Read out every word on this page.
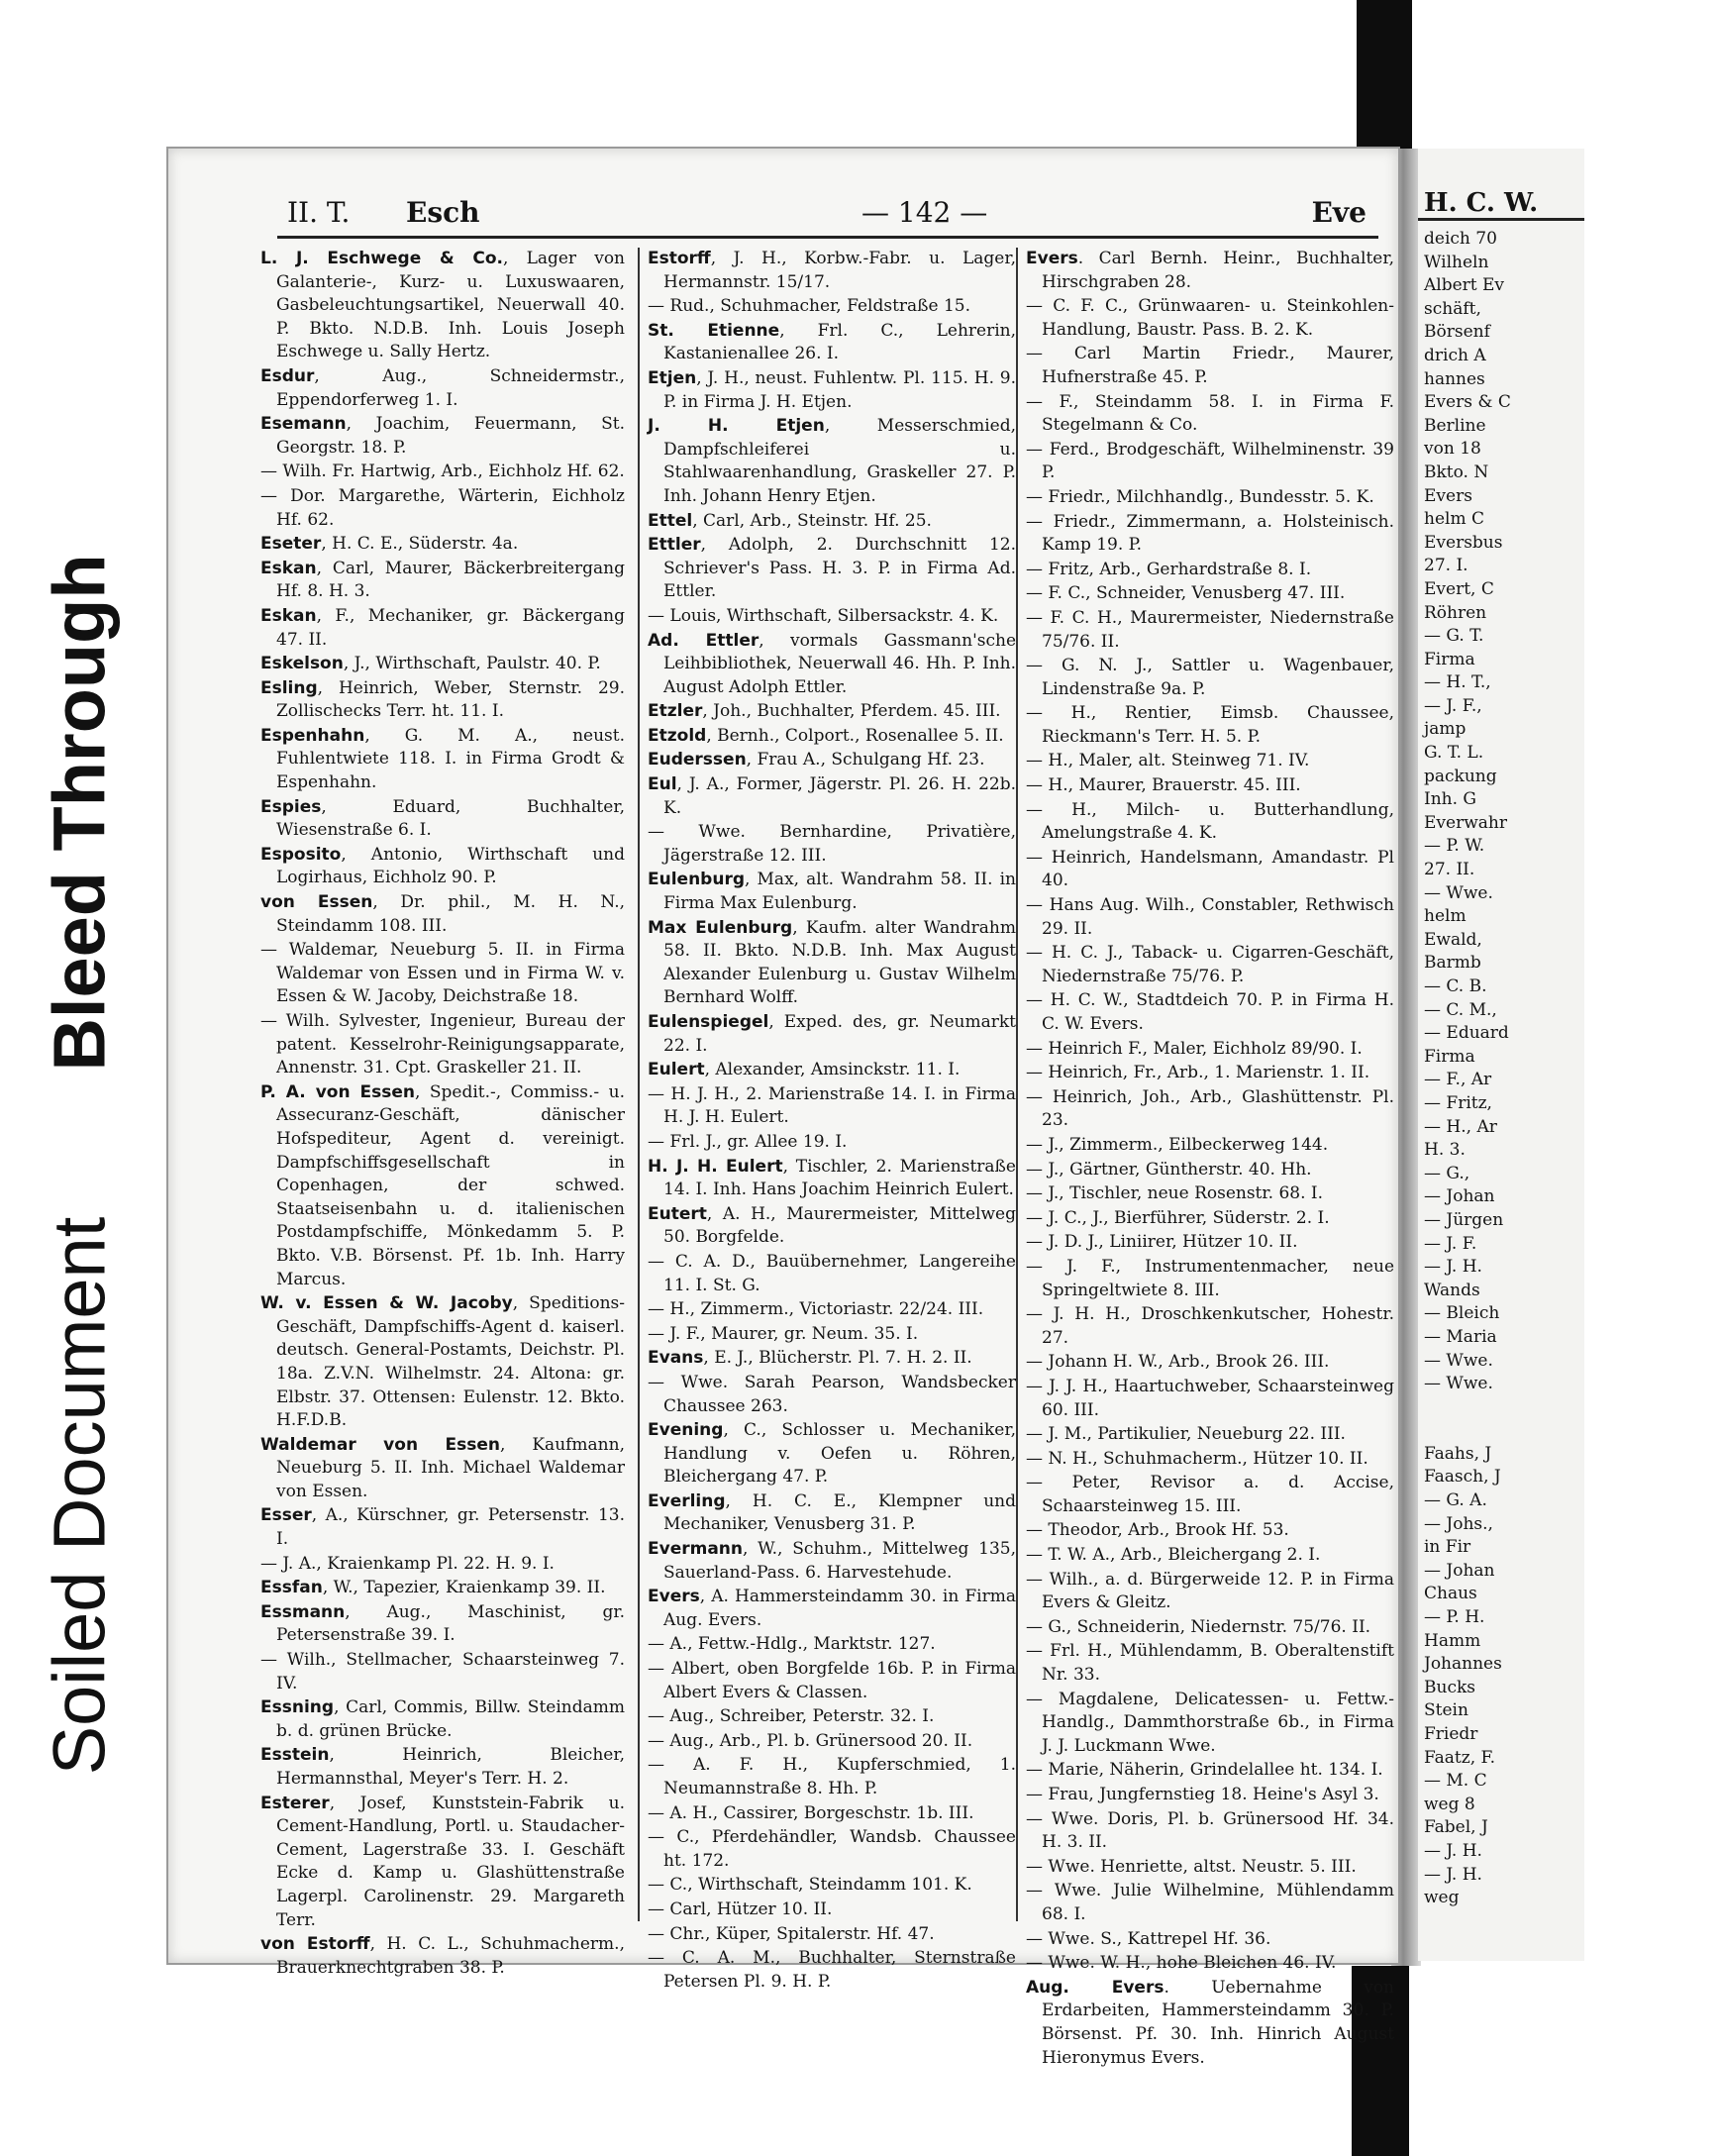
Bleed Through
Soiled Document
II. T. Esch	— 142 —	Eve
L. J. Eschwege & Co., Lager von Galanterie-, Kurz- u. Luxuswaaren, Gasbeleuchtungsartikel, Neuerwall 40. P. Bkto. N.D.B. Inh. Louis Joseph Eschwege u. Sally Hertz.
Esdur, Aug., Schneidermstr., Eppendorferweg 1. I.
Esemann, Joachim, Feuermann, St. Georgstr. 18. P.
— Wilh. Fr. Hartwig, Arb., Eichholz Hf. 62.
— Dor. Margarethe, Wärterin, Eichholz Hf. 62.
Eseter, H. C. E., Süderstr. 4a.
Eskan, Carl, Maurer, Bäckerbreitergang Hf. 8. H. 3.
Eskan, F., Mechaniker, gr. Bäckergang 47. II.
Eskelson, J., Wirthschaft, Paulstr. 40. P.
Esling, Heinrich, Weber, Sternstr. 29. Zollischecks Terr. ht. 11. I.
Espenhahn, G. M. A., neust. Fuhlentwiete 118. I. in Firma Grodt & Espenhahn.
Espies, Eduard, Buchhalter, Wiesenstraße 6. I.
Esposito, Antonio, Wirthschaft und Logirhaus, Eichholz 90. P.
von Essen, Dr. phil., M. H. N., Steindamm 108. III.
— Waldemar, Neueburg 5. II. in Firma Waldemar von Essen und in Firma W. v. Essen & W. Jacoby, Deichstraße 18.
— Wilh. Sylvester, Ingenieur, Bureau der patent. Kesselrohr-Reinigungsapparate, Annenstr. 31. Cpt. Graskeller 21. II.
P. A. von Essen, Spedit.-, Commiss.- u. Assecuranz-Geschäft, dänischer Hofspediteur, Agent d. vereinigt. Dampfschiffsgesellschaft in Copenhagen, der schwed. Staatseisenbahn u. d. italienischen Postdampfschiffe, Mönkedamm 5. P. Bkto. V.B. Börsenst. Pf. 1b. Inh. Harry Marcus.
W. v. Essen & W. Jacoby, Speditions-Geschäft, Dampfschiffs-Agent d. kaiserl. deutsch. General-Postamts, Deichstr. Pl. 18a. Z.V.N. Wilhelmstr. 24. Altona: gr. Elbstr. 37. Ottensen: Eulenstr. 12. Bkto. H.F.D.B.
Waldemar von Essen, Kaufmann, Neueburg 5. II. Inh. Michael Waldemar von Essen.
Esser, A., Kürschner, gr. Petersenstr. 13. I.
— J. A., Kraienkamp Pl. 22. H. 9. I.
Essfan, W., Tapezier, Kraienkamp 39. II.
Essmann, Aug., Maschinist, gr. Petersenstraße 39. I.
— Wilh., Stellmacher, Schaarsteinweg 7. IV.
Essning, Carl, Commis, Billw. Steindamm b. d. grünen Brücke.
Esstein, Heinrich, Bleicher, Hermannsthal, Meyer's Terr. H. 2.
Esterer, Josef, Kunststein-Fabrik u. Cement-Handlung, Portl. u. Staudacher-Cement, Lagerstraße 33. I. Geschäft Ecke d. Kamp u. Glashüttenstraße Lagerpl. Carolinenstr. 29. Margareth Terr.
von Estorff, H. C. L., Schuhmacherm., Brauerknechtgraben 38. P.
Estorff, J. H., Korbw.-Fabr. u. Lager, Hermannstr. 15/17.
— Rud., Schuhmacher, Feldstraße 15.
St. Etienne, Frl. C., Lehrerin, Kastanienallee 26. I.
Etjen, J. H., neust. Fuhlentw. Pl. 115. H. 9. P. in Firma J. H. Etjen.
J. H. Etjen, Messerschmied, Dampfschleiferei u. Stahlwaarenhandlung, Graskeller 27. P. Inh. Johann Henry Etjen.
Ettel, Carl, Arb., Steinstr. Hf. 25.
Ettler, Adolph, 2. Durchschnitt 12. Schriever's Pass. H. 3. P. in Firma Ad. Ettler.
— Louis, Wirthschaft, Silbersackstr. 4. K.
Ad. Ettler, vormals Gassmann'sche Leihbibliothek, Neuerwall 46. Hh. P. Inh. August Adolph Ettler.
Etzler, Joh., Buchhalter, Pferdem. 45. III.
Etzold, Bernh., Colport., Rosenallee 5. II.
Euderssen, Frau A., Schulgang Hf. 23.
Eul, J. A., Former, Jägerstr. Pl. 26. H. 22b. K.
— Wwe. Bernhardine, Privatière, Jägerstraße 12. III.
Eulenburg, Max, alt. Wandrahm 58. II. in Firma Max Eulenburg.
Max Eulenburg, Kaufm. alter Wandrahm 58. II. Bkto. N.D.B. Inh. Max August Alexander Eulenburg u. Gustav Wilhelm Bernhard Wolff.
Eulenspiegel, Exped. des, gr. Neumarkt 22. I.
Eulert, Alexander, Amsinckstr. 11. I.
— H. J. H., 2. Marienstraße 14. I. in Firma H. J. H. Eulert.
— Frl. J., gr. Allee 19. I.
H. J. H. Eulert, Tischler, 2. Marienstraße 14. I. Inh. Hans Joachim Heinrich Eulert.
Eutert, A. H., Maurermeister, Mittelweg 50. Borgfelde.
— C. A. D., Bauübernehmer, Langereihe 11. I. St. G.
— H., Zimmerm., Victoriastr. 22/24. III.
— J. F., Maurer, gr. Neum. 35. I.
Evans, E. J., Blücherstr. Pl. 7. H. 2. II.
— Wwe. Sarah Pearson, Wandsbecker Chaussee 263.
Evening, C., Schlosser u. Mechaniker, Handlung v. Oefen u. Röhren, Bleichergang 47. P.
Everling, H. C. E., Klempner und Mechaniker, Venusberg 31. P.
Evermann, W., Schuhm., Mittelweg 135, Sauerland-Pass. 6. Harvestehude.
Evers, A. Hammersteindamm 30. in Firma Aug. Evers.
— A., Fettw.-Hdlg., Marktstr. 127.
— Albert, oben Borgfelde 16b. P. in Firma Albert Evers & Classen.
— Aug., Schreiber, Peterstr. 32. I.
— Aug., Arb., Pl. b. Grünersood 20. II.
— A. F. H., Kupferschmied, 1. Neumannstraße 8. Hh. P.
— A. H., Cassirer, Borgeschstr. 1b. III.
— C., Pferdehändler, Wandsb. Chaussee ht. 172.
— C., Wirthschaft, Steindamm 101. K.
— Carl, Hützer 10. II.
— Chr., Küper, Spitalerstr. Hf. 47.
— C. A. M., Buchhalter, Sternstraße Petersen Pl. 9. H. P.
Evers. Carl Bernh. Heinr., Buchhalter, Hirschgraben 28.
— C. F. C., Grünwaaren- u. Steinkohlen-Handlung, Baustr. Pass. B. 2. K.
— Carl Martin Friedr., Maurer, Hufnerstraße 45. P.
— F., Steindamm 58. I. in Firma F. Stegelmann & Co.
— Ferd., Brodgeschäft, Wilhelminenstr. 39 P.
— Friedr., Milchhandlg., Bundesstr. 5. K.
— Friedr., Zimmermann, a. Holsteinisch. Kamp 19. P.
— Fritz, Arb., Gerhardstraße 8. I.
— F. C., Schneider, Venusberg 47. III.
— F. C. H., Maurermeister, Niedernstraße 75/76. II.
— G. N. J., Sattler u. Wagenbauer, Lindenstraße 9a. P.
— H., Rentier, Eimsb. Chaussee, Rieckmann's Terr. H. 5. P.
— H., Maler, alt. Steinweg 71. IV.
— H., Maurer, Brauerstr. 45. III.
— H., Milch- u. Butterhandlung, Amelungstraße 4. K.
— Heinrich, Handelsmann, Amandastr. Pl 40.
— Hans Aug. Wilh., Constabler, Rethwisch 29. II.
— H. C. J., Taback- u. Cigarren-Geschäft, Niedernstraße 75/76. P.
— H. C. W., Stadtdeich 70. P. in Firma H. C. W. Evers.
— Heinrich F., Maler, Eichholz 89/90. I.
— Heinrich, Fr., Arb., 1. Marienstr. 1. II.
— Heinrich, Joh., Arb., Glashüttenstr. Pl. 23.
— J., Zimmerm., Eilbeckerweg 144.
— J., Gärtner, Güntherstr. 40. Hh.
— J., Tischler, neue Rosenstr. 68. I.
— J. C., J., Bierführer, Süderstr. 2. I.
— J. D. J., Liniirer, Hützer 10. II.
— J. F., Instrumentenmacher, neue Springeltwiete 8. III.
— J. H. H., Droschkenkutscher, Hohestr. 27.
— Johann H. W., Arb., Brook 26. III.
— J. J. H., Haartuchweber, Schaarsteinweg 60. III.
— J. M., Partikulier, Neueburg 22. III.
— N. H., Schuhmacherm., Hützer 10. II.
— Peter, Revisor a. d. Accise, Schaarsteinweg 15. III.
— Theodor, Arb., Brook Hf. 53.
— T. W. A., Arb., Bleichergang 2. I.
— Wilh., a. d. Bürgerweide 12. P. in Firma Evers & Gleitz.
— G., Schneiderin, Niedernstr. 75/76. II.
— Frl. H., Mühlendamm, B. Oberaltenstift Nr. 33.
— Magdalene, Delicatessen- u. Fettw.-Handlg., Dammthorstraße 6b., in Firma J. J. Luckmann Wwe.
— Marie, Näherin, Grindelallee ht. 134. I.
— Frau, Jungfernstieg 18. Heine's Asyl 3.
— Wwe. Doris, Pl. b. Grünersood Hf. 34. H. 3. II.
— Wwe. Henriette, altst. Neustr. 5. III.
— Wwe. Julie Wilhelmine, Mühlendamm 68. I.
— Wwe. S., Kattrepel Hf. 36.
— Wwe. W. H., hohe Bleichen 46. IV.
Aug. Evers. Uebernahme von Erdarbeiten, Hammersteindamm 30. P. Börsenst. Pf. 30. Inh. Hinrich August Hieronymus Evers.
H. C. W.
deich 70
Wilheln
Albert Ev
schäft,
Börsenf
drich A
hannes
Evers & C
Berline
von 18
Bkto. N
Evers
helm C
Eversbus
27. I.
Evert, C
Röhren
— G. T.
Firma
— H. T.,
— J. F.,
jamp
G. T. L.
packung
Inh. G
Everwahr
— P. W.
27. II.
— Wwe.
helm
Ewald,
Barmb
— C. B.
— C. M.,
— Eduard
Firma
— F., Ar
— Fritz,
— H., Ar
H. 3.
— G.,
— Johan
— Jürgen
— J. F.
— J. H.
Wands
— Bleich
— Maria
— Wwe.
— Wwe.
Faahs, J
Faasch, J
— G. A.
— Johs.,
in Fir
— Johan
Chaus
— P. H.
Hamm
Johannes
Bucks
Stein
Friedr
Faatz, F.
— M. C
weg 8
Fabel, J
— J. H.
— J. H.
weg
